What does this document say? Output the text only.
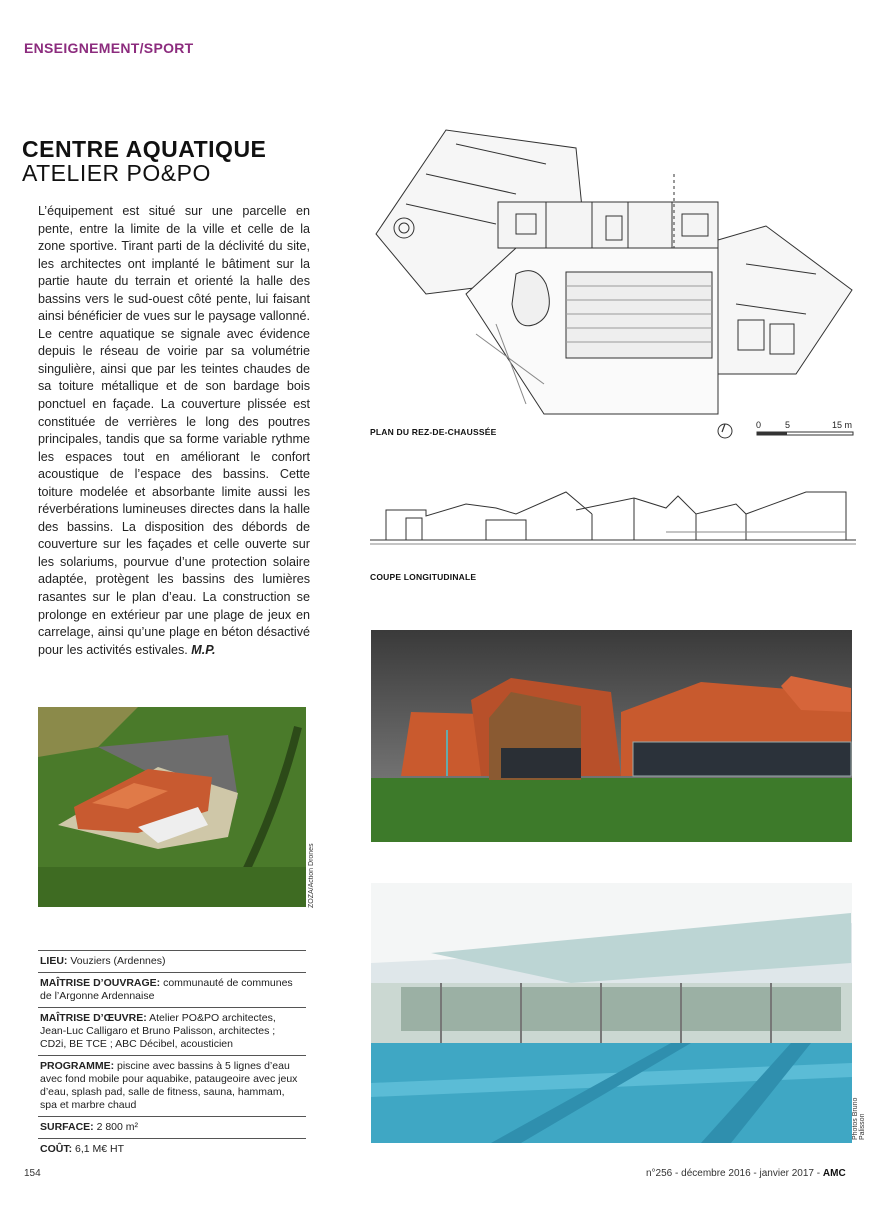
ENSEIGNEMENT/SPORT
CENTRE AQUATIQUE
ATELIER PO&PO
L’équipement est situé sur une parcelle en pente, entre la limite de la ville et celle de la zone sportive. Tirant parti de la déclivité du site, les architectes ont implanté le bâtiment sur la partie haute du terrain et orienté la halle des bassins vers le sud-ouest côté pente, lui faisant ainsi bénéficier de vues sur le paysage vallonné. Le centre aquatique se signale avec évidence depuis le réseau de voirie par sa volumétrie singulière, ainsi que par les teintes chaudes de sa toiture métallique et de son bardage bois ponctuel en façade. La couverture plissée est constituée de verrières le long des poutres principales, tandis que sa forme variable rythme les espaces tout en améliorant le confort acoustique de l’espace des bassins. Cette toiture modelée et absorbante limite aussi les réverbérations lumineuses directes dans la halle des bassins. La disposition des débords de couverture sur les façades et celle ouverte sur les solariums, pourvue d’une protection solaire adaptée, protègent les bassins des lumières rasantes sur le plan d’eau. La construction se prolonge en extérieur par une plage de jeux en carrelage, ainsi qu’une plage en béton désactivé pour les activités estivales. M.P.
PLAN DU REZ-DE-CHAUSSÉE
0	5	15 m
COUPE LONGITUDINALE
ZOZA/Action Drones
Photos Bruno Palisson
LIEU: Vouziers (Ardennes)
MAÎTRISE D’OUVRAGE: communauté de communes de l’Argonne Ardennaise
MAÎTRISE D’ŒUVRE: Atelier PO&PO architectes, Jean-Luc Calligaro et Bruno Palisson, architectes ; CD2i, BE TCE ; ABC Décibel, acousticien
PROGRAMME: piscine avec bassins à 5 lignes d’eau avec fond mobile pour aquabike, pataugeoire avec jeux d’eau, splash pad, salle de fitness, sauna, hammam, spa et marbre chaud
SURFACE: 2 800 m²
COÛT: 6,1 M€ HT
154	n°256 - décembre 2016 - janvier 2017 - AMC
